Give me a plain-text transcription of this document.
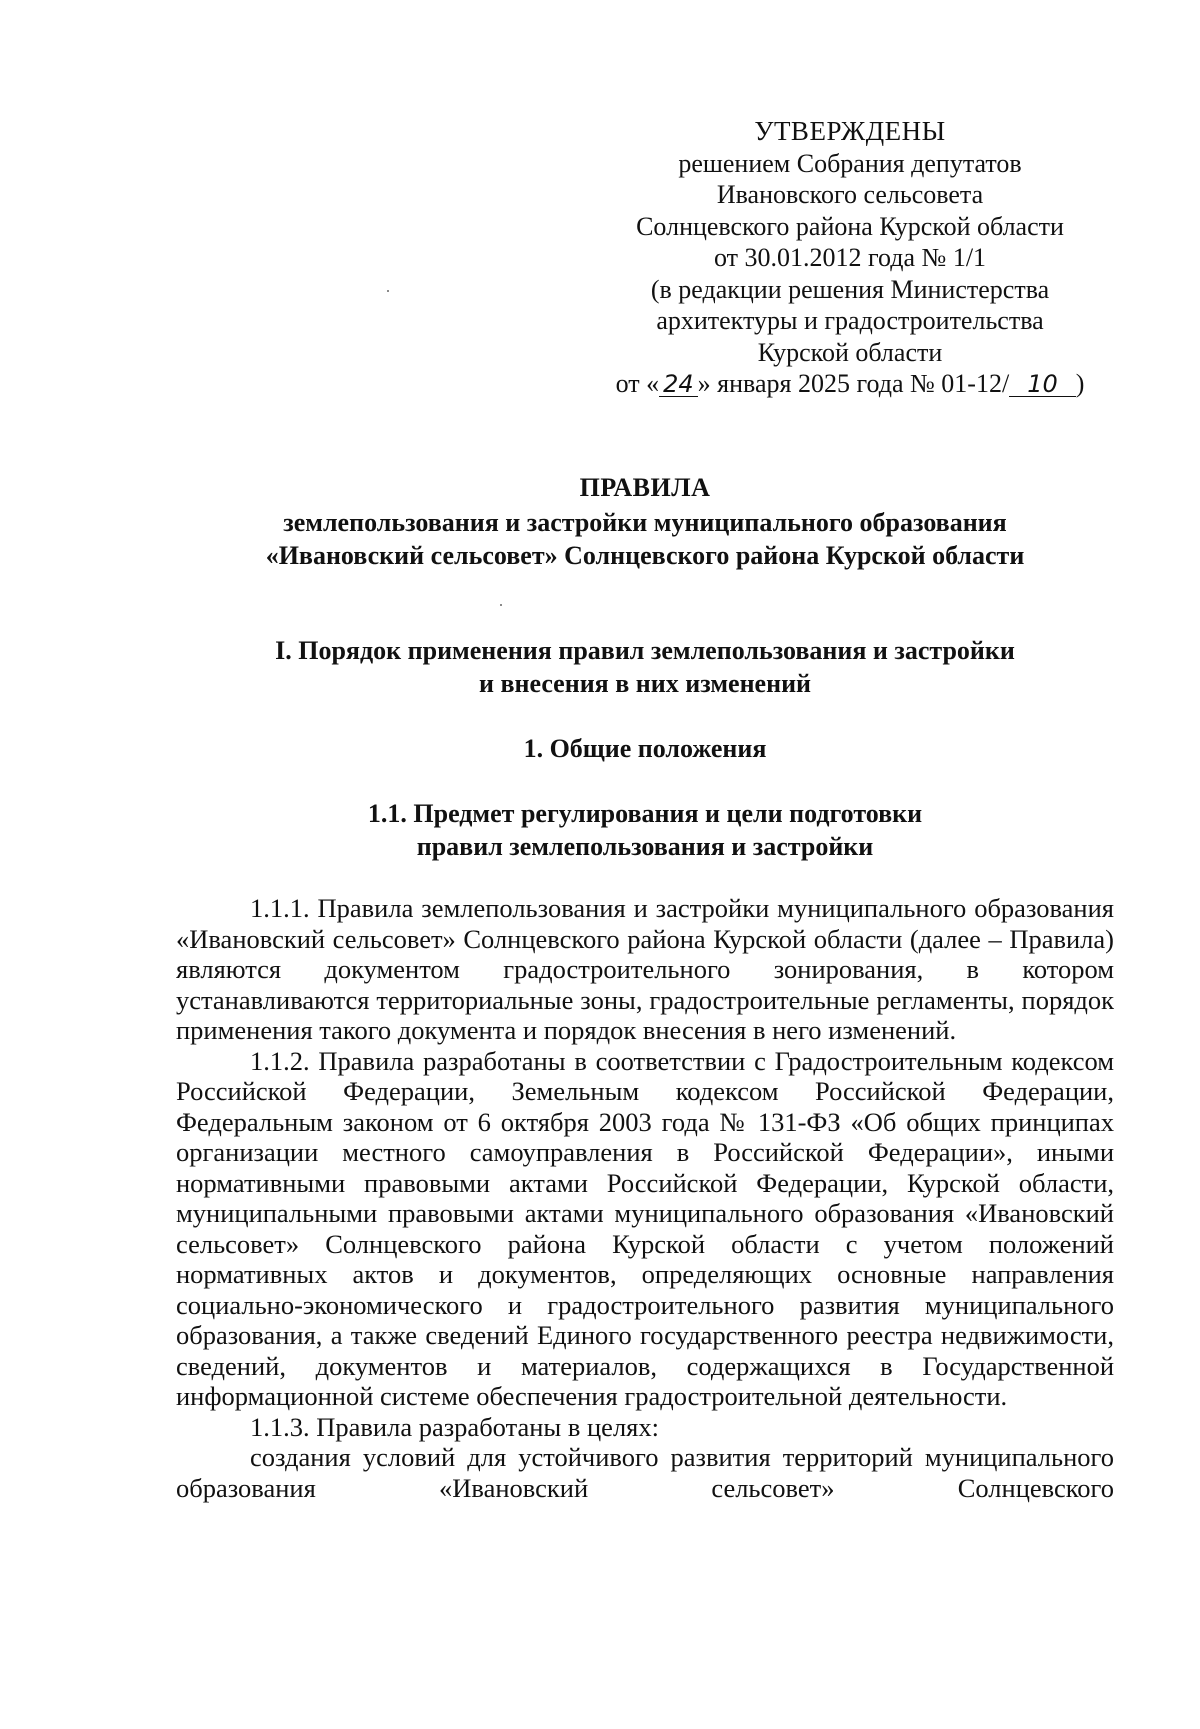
УТВЕРЖДЕНЫ
решением Собрания депутатов
Ивановского сельсовета
Солнцевского района Курской области
от 30.01.2012 года № 1/1
(в редакции решения Министерства
архитектуры и градостроительства
Курской области
от « 24 » января 2025 года № 01-12/ 10 )
ПРАВИЛА
землепользования и застройки муниципального образования
«Ивановский сельсовет» Солнцевского района Курской области
I. Порядок применения правил землепользования и застройки
и внесения в них изменений
1. Общие положения
1.1. Предмет регулирования и цели подготовки
правил землепользования и застройки

1.1.1. Правила землепользования и застройки муниципального образования «Ивановский сельсовет» Солнцевского района Курской области (далее – Правила) являются документом градостроительного зонирования, в котором устанавливаются территориальные зоны, градостроительные регламенты, порядок применения такого документа и порядок внесения в него изменений.

1.1.2. Правила разработаны в соответствии с Градостроительным кодексом Российской Федерации, Земельным кодексом Российской Федерации, Федеральным законом от 6 октября 2003 года № 131-ФЗ «Об общих принципах организации местного самоуправления в Российской Федерации», иными нормативными правовыми актами Российской Федерации, Курской области, муниципальными правовыми актами муниципального образования «Ивановский сельсовет» Солнцевского района Курской области с учетом положений нормативных актов и документов, определяющих основные направления социально-экономического и градостроительного развития муниципального образования, а также сведений Единого государственного реестра недвижимости, сведений, документов и материалов, содержащихся в Государственной информационной системе обеспечения градостроительной деятельности.

1.1.3. Правила разработаны в целях:

создания условий для устойчивого развития территорий муниципального образования «Ивановский сельсовет» Солнцевского
